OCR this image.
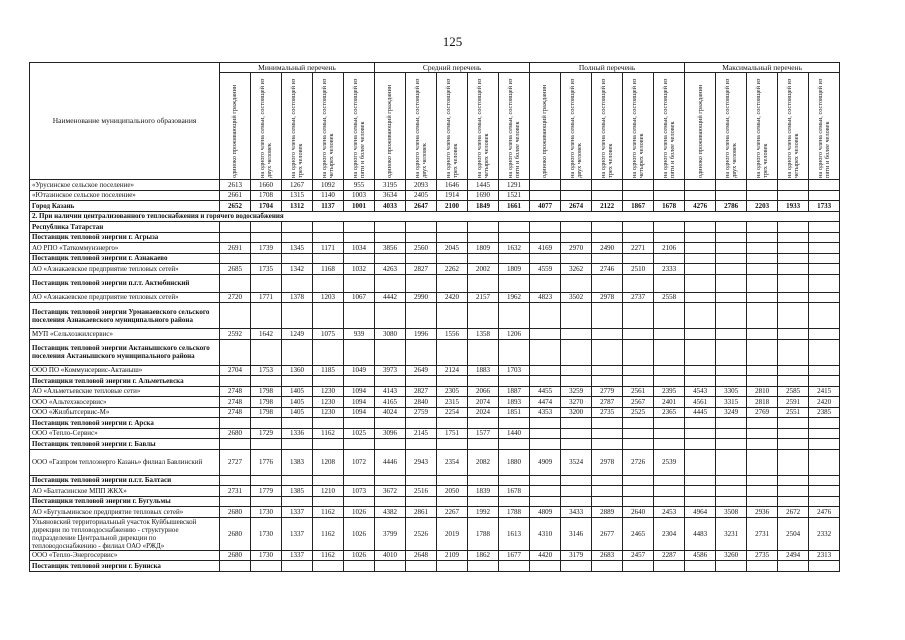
125
Наименование муниципального образования	Минимальный перечень					Средний перечень					Полный перечень					Максимальный перечень				

	одиноко проживающий гражданин	на одного члена семьи, состоящей из двух человек	на одного члена семьи, состоящей из трех человек	на одного члена семьи, состоящей из четырех человек	на одного члена семьи, состоящей из пяти и более человек	одиноко проживающий гражданин	на одного члена семьи, состоящей из двух человек	на одного члена семьи, состоящей из трех человек	на одного члена семьи, состоящей из четырех человек	на одного члена семьи, состоящей из пяти и более человек	одиноко проживающий гражданин	на одного члена семьи, состоящей из двух человек	на одного члена семьи, состоящей из трех человек	на одного члена семьи, состоящей из четырех человек	на одного члена семьи, состоящей из пяти и более человек	одиноко проживающий гражданин	на одного члена семьи, состоящей из двух человек	на одного члена семьи, состоящей из трех человек	на одного члена семьи, состоящей из четырех человек	на одного члена семьи, состоящей из пяти и более человек

«Урусинское сельское поселение»	2613	1660	1267	1092	955	3195	2093	1646	1445	1291										
«Ютазинское сельское поселение»	2661	1708	1315	1140	1003	3634	2405	1914	1690	1521										
Город Казань	2652	1704	1312	1137	1001	4033	2647	2100	1849	1661	4077	2674	2122	1867	1678	4276	2786	2203	1933	1733
2. При наличии централизованного теплоснабжения и горячего водоснабжения																				
Республика Татарстан																				
Поставщик тепловой энергии г. Агрыза																				
АО РПО «Таткоммунэнерго»	2691	1739	1345	1171	1034	3856	2560	2045	1809	1632	4169	2970	2490	2271	2106					
Поставщик тепловой энергии г. Азнакаево																				
АО «Азнакаевское предприятие тепловых сетей»	2685	1735	1342	1168	1032	4263	2827	2262	2002	1809	4559	3262	2746	2510	2333					
Поставщик тепловой энергии п.г.т. Актюбинский																				
АО «Азнакаевское предприятие тепловых сетей»	2720	1771	1378	1203	1067	4442	2990	2420	2157	1962	4823	3502	2978	2737	2558					
Поставщик тепловой энергии Урманаевского сельского поселения Азнакаевского муниципального района																				
МУП «Сельхозжилсервис»	2592	1642	1249	1075	939	3080	1996	1556	1358	1206										
Поставщик тепловой энергии Актанышского сельского поселения Актанышского муниципального района																				
ООО ПО «Коммунсервис-Актаныш»	2704	1753	1360	1185	1049	3973	2649	2124	1883	1703										
Поставщики тепловой энергии г. Альметьевска																				
АО «Альметьевские тепловые сети»	2748	1798	1405	1230	1094	4143	2827	2305	2066	1887	4455	3259	2779	2561	2395	4543	3305	2810	2585	2415
ООО «Альтехэкосервис»	2748	1798	1405	1230	1094	4165	2840	2315	2074	1893	4474	3270	2787	2567	2401	4561	3315	2818	2591	2420
ООО «Жилбытсервис-М»	2748	1798	1405	1230	1094	4024	2759	2254	2024	1851	4353	3200	2735	2525	2365	4445	3249	2769	2551	2385
Поставщик тепловой энергии г. Арска																				
ООО «Тепло-Сервис»	2680	1729	1336	1162	1025	3096	2145	1751	1577	1440										
Поставщик тепловой энергии г. Бавлы																				
ООО «Газпром теплоэнерго Казань» филиал Бавлинский	2727	1776	1383	1208	1072	4446	2943	2354	2082	1880	4909	3524	2978	2726	2539					
Поставщик тепловой энергии п.г.т. Балтаси																				
АО «Балтасинское МПП ЖКХ»	2731	1779	1385	1210	1073	3672	2516	2050	1839	1678										
Поставщики тепловой энергии г. Бугульмы																				
АО «Бугульминское предприятие тепловых сетей»	2680	1730	1337	1162	1026	4382	2861	2267	1992	1788	4809	3433	2889	2640	2453	4964	3508	2936	2672	2476
Ульяновский территориальный участок Куйбышевской дирекции по тепловодоснабжению - структурное подразделение Центральной дирекции по тепловодоснабжению - филиал ОАО «РЖД»	2680	1730	1337	1162	1026	3799	2526	2019	1788	1613	4310	3146	2677	2465	2304	4483	3231	2731	2504	2332
ООО «Тепло-Энергосервис»	2680	1730	1337	1162	1026	4010	2648	2109	1862	1677	4420	3179	2683	2457	2287	4586	3260	2735	2494	2313
Поставщик тепловой энергии г. Буинска																				
